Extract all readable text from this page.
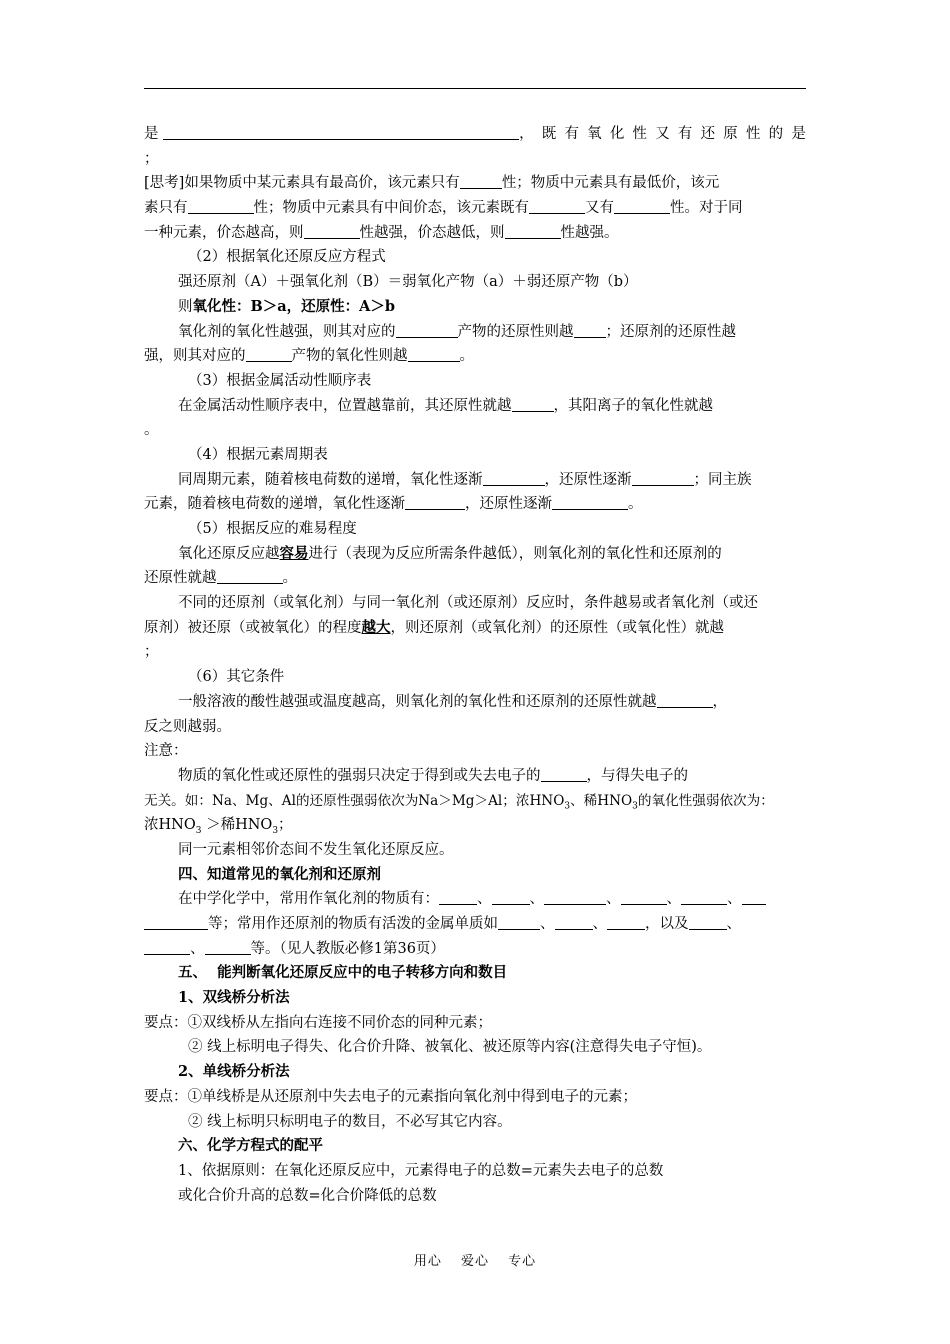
是	， 既 有 氧 化 性 又 有 还 原 性 的 是
；
[思考]如果物质中某元素具有最高价，该元素只有	性；物质中元素具有最低价，该元
素只有	性；物质中元素具有中间价态，该元素既有	又有	性。对于同
一种元素，价态越高，则	性越强，价态越低，则	性越强。
（2）根据氧化还原反应方程式
强还原剂（A）＋强氧化剂（B）＝弱氧化产物（a）＋弱还原产物（b）
则氧化性：B＞a，还原性：A＞b
氧化剂的氧化性越强，则其对应的	产物的还原性则越 ；还原剂的还原性越
强，则其对应的	产物的氧化性则越	。
（3）根据金属活动性顺序表
在金属活动性顺序表中，位置越靠前，其还原性就越	，其阳离子的氧化性就越
。
（4）根据元素周期表
同周期元素，随着核电荷数的递增，氧化性逐渐	，还原性逐渐	；同主族
元素，随着核电荷数的递增，氧化性逐渐	，还原性逐渐	。
（5）根据反应的难易程度
氧化还原反应越容易进行（表现为反应所需条件越低），则氧化剂的氧化性和还原剂的
还原性就越	。
不同的还原剂（或氧化剂）与同一氧化剂（或还原剂）反应时，条件越易或者氧化剂（或还
原剂）被还原（或被氧化）的程度越大，则还原剂（或氧化剂）的还原性（或氧化性）就越
；
（6）其它条件
一般溶液的酸性越强或温度越高，则氧化剂的氧化性和还原剂的还原性就越	，
反之则越弱。
注意：
物质的氧化性或还原性的强弱只决定于得到或失去电子的	，与得失电子的
无关。如：Na、Mg、Al的还原性强弱依次为Na＞Mg＞Al；浓$HNO_3$、稀$HNO_3$的氧化性强弱依次为：
浓$HNO_3$ ＞稀$HNO_3$；
同一元素相邻价态间不发生氧化还原反应。
四、知道常见的氧化剂和还原剂
在中学化学中，常用作氧化剂的物质有：	、	、	、	、	、
等；常用作还原剂的物质有活泼的金属单质如	、	、	，以及	、
、	等。（见人教版必修1第36页）
五、  能判断氧化还原反应中的电子转移方向和数目
1、双线桥分析法
要点：①双线桥从左指向右连接不同价态的同种元素；
② 线上标明电子得失、化合价升降、被氧化、被还原等内容(注意得失电子守恒)。
2、单线桥分析法
要点：①单线桥是从还原剂中失去电子的元素指向氧化剂中得到电子的元素；
② 线上标明只标明电子的数目，不必写其它内容。
六、化学方程式的配平
1、依据原则：在氧化还原反应中，元素得电子的总数=元素失去电子的总数
或化合价升高的总数=化合价降低的总数
用心 爱心 专心
